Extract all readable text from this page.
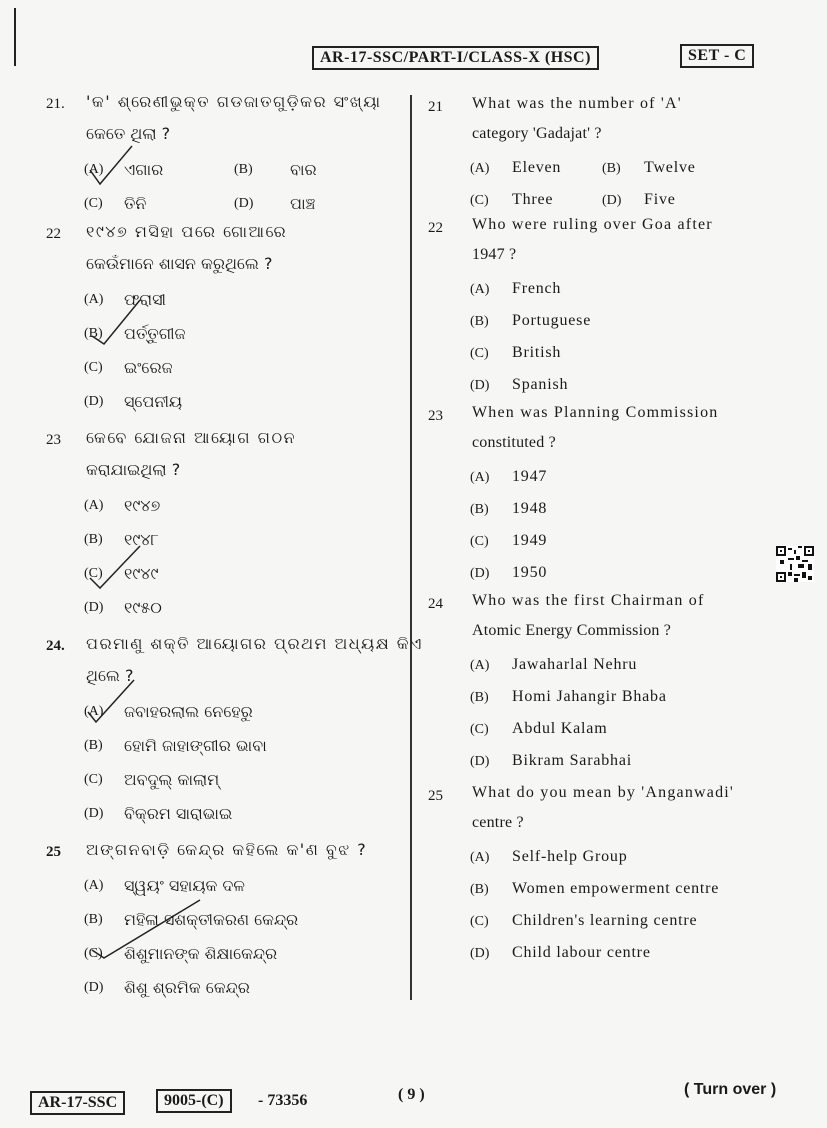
AR-17-SSC/PART-I/CLASS-X (HSC)	SET - C
21. 'କ' ଶ୍ରେଣୀଭୁକ୍ତ ଗଡଜାତଗୁଡ଼ିକର ସଂଖ୍ୟା
କେତେ ଥିଲା ?
(A) ଏଗାର	(B) ବାର
(C) ତିନି	(D) ପାଞ୍ଚ
22 ୧୯୪୭ ମସିହା ପରେ ଗୋଆରେ
କେଉଁମାନେ ଶାସନ କରୁଥିଲେ ?
(A) ଫରାସୀ
(B) ପର୍ତ୍ତୁଗୀଜ
(C) ଇଂରେଜ
(D) ସ୍ପେନୀୟ
23 କେବେ ଯୋଜନା ଆୟୋଗ ଗଠନ
କରାଯାଇଥିଲା ?
(A) ୧୯୪୭
(B) ୧୯୪୮
(C) ୧୯୪୯
(D) ୧୯୫୦
24. ପରମାଣୁ ଶକ୍ତି ଆୟୋଗର ପ୍ରଥମ ଅଧ୍ୟକ୍ଷ କିଏ
ଥିଲେ ?
(A) ଜବାହରଲାଲ ନେହେରୁ
(B) ହୋମି ଜାହାଙ୍ଗୀର ଭାବା
(C) ଅବଦୁଲ୍ କାଲାମ୍
(D) ବିକ୍ରମ ସାରାଭାଇ
25 ଅଙ୍ଗନବାଡ଼ି କେନ୍ଦ୍ର କହିଲେ କ'ଣ ବୁଝ ?
(A) ସ୍ୱୟଂ ସହାୟକ ଦଳ
(B) ମହିଳା ସଶକ୍ତୀକରଣ କେନ୍ଦ୍ର
(C) ଶିଶୁମାନଙ୍କ ଶିକ୍ଷାକେନ୍ଦ୍ର
(D) ଶିଶୁ ଶ୍ରମିକ କେନ୍ଦ୍ର
21 What was the number of 'A'
category 'Gadajat' ?
(A) Eleven	(B) Twelve
(C) Three	(D) Five
22 Who were ruling over Goa after
1947 ?
(A) French
(B) Portuguese
(C) British
(D) Spanish
23 When was Planning Commission
constituted ?
(A) 1947
(B) 1948
(C) 1949
(D) 1950
24 Who was the first Chairman of
Atomic Energy Commission ?
(A) Jawaharlal Nehru
(B) Homi Jahangir Bhaba
(C) Abdul Kalam
(D) Bikram Sarabhai
25 What do you mean by 'Anganwadi'
centre ?
(A) Self-help Group
(B) Women empowerment centre
(C) Children's learning centre
(D) Child labour centre
AR-17-SSC	9005-(C)	- 73356	( 9 )	( Turn over )
